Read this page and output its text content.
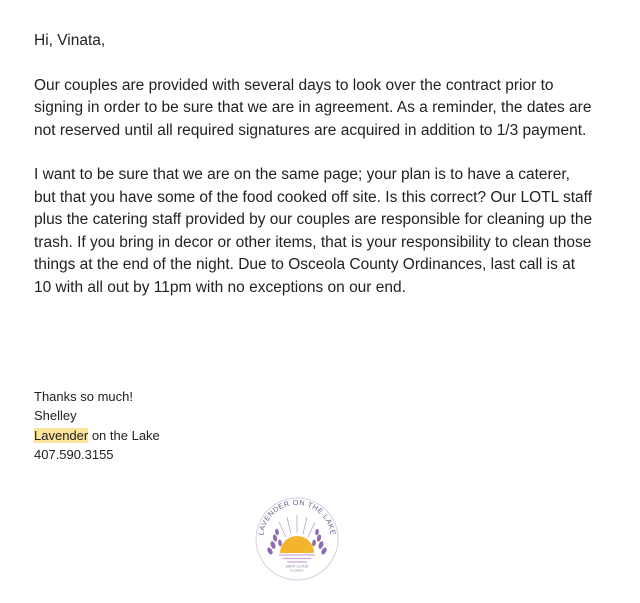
Hi, Vinata,

Our couples are provided with several days to look over the contract prior to signing in order to be sure that we are in agreement. As a reminder, the dates are not reserved until all required signatures are acquired in addition to 1/3 payment.

I want to be sure that we are on the same page; your plan is to have a caterer, but that you have some of the food cooked off site. Is this correct? Our LOTL staff plus the catering staff provided by our couples are responsible for cleaning up the trash. If you bring in decor or other items, that is your responsibility to clean those things at the end of the night. Due to Osceola County Ordinances, last call is at 10 with all out by 11pm with no exceptions on our end.

Thanks so much!
Shelley
Lavender on the Lake
407.590.3155
LAVENDER ON THE LAKE
SAINT CLOUD
FLORIDA
